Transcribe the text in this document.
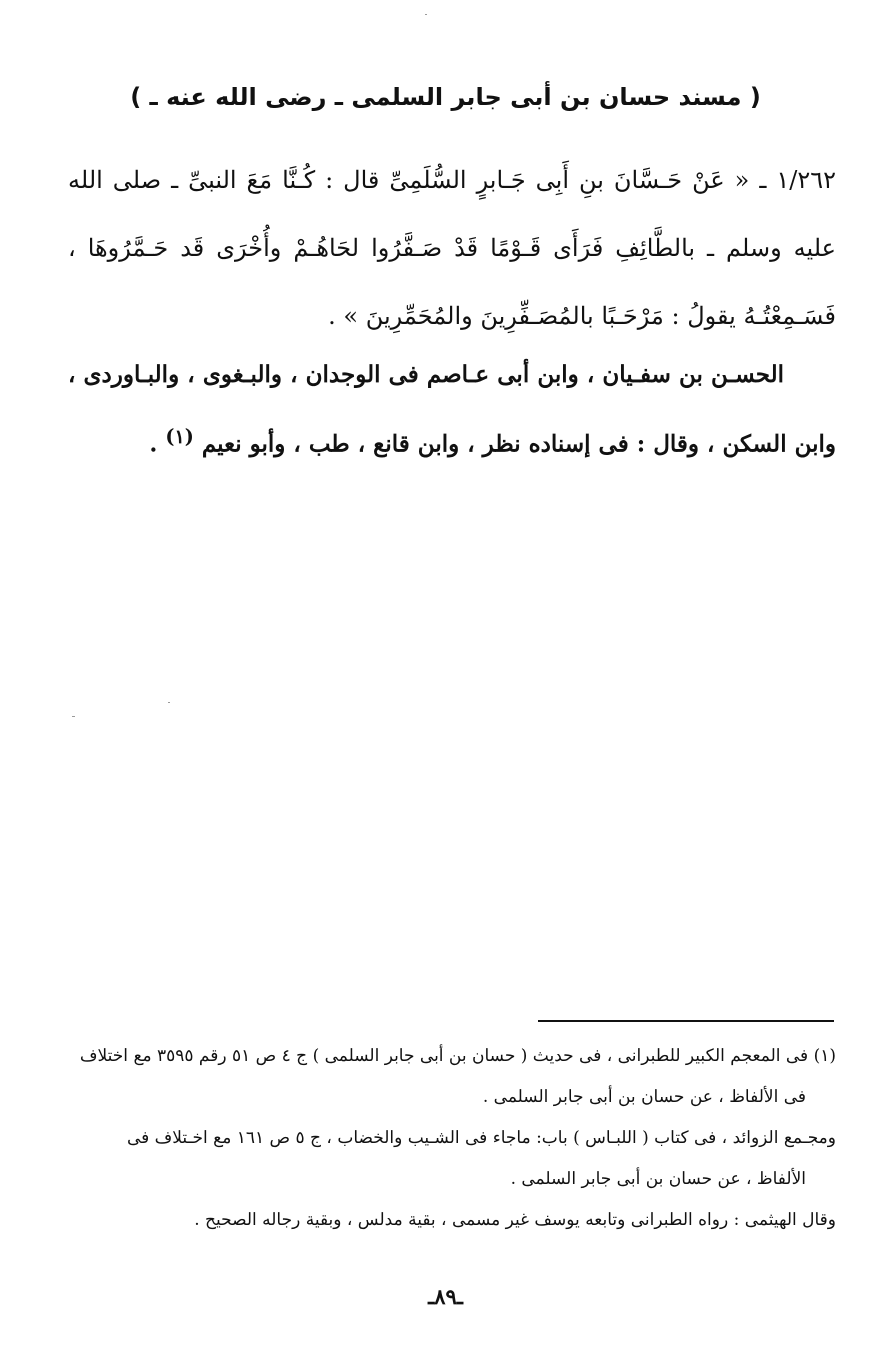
( مسند حسان بن أبى جابر السلمى ـ رضى الله عنه ـ )

١/٢٦٢ ـ « عَنْ حَـسَّانَ بنِ أَبِى جَـابرٍ السُّلَمِىِّ قال : كُـنَّا مَعَ النبىِّ ـ صلى الله عليه وسلم ـ بالطَّائِفِ فَرَأَى قَـوْمًا قَدْ صَـفَّرُوا لحَاهُـمْ وأُخْرَى قَد حَـمَّرُوهَا ، فَسَـمِعْتُـهُ يقولُ : مَرْحَـبًا بالمُصَـفِّرِينَ والمُحَمِّرِينَ » .

الحسـن بن سفـيان ، وابن أبى عـاصم فى الوجدان ، والبـغوى ، والبـاوردى ، وابن السكن ، وقال : فى إسناده نظر ، وابن قانع ، طب ، وأبو نعيم $^{(١)}$ .

(١) فى المعجم الكبير للطبرانى ، فى حديث ( حسان بن أبى جابر السلمى ) ج ٤ ص ٥١ رقم ٣٥٩٥ مع اختلاف

فى الألفاظ ، عن حسان بن أبى جابر السلمى .

ومجـمع الزوائد ، فى كتاب ( اللبـاس ) باب: ماجاء فى الشـيب والخضاب ، ج ٥ ص ١٦١ مع اخـتلاف فى

الألفاظ ، عن حسان بن أبى جابر السلمى .

وقال الهيثمى : رواه الطبرانى وتابعه يوسف غير مسمى ، بقية مدلس ، وبقية رجاله الصحيح .

ـ٨٩ـ
